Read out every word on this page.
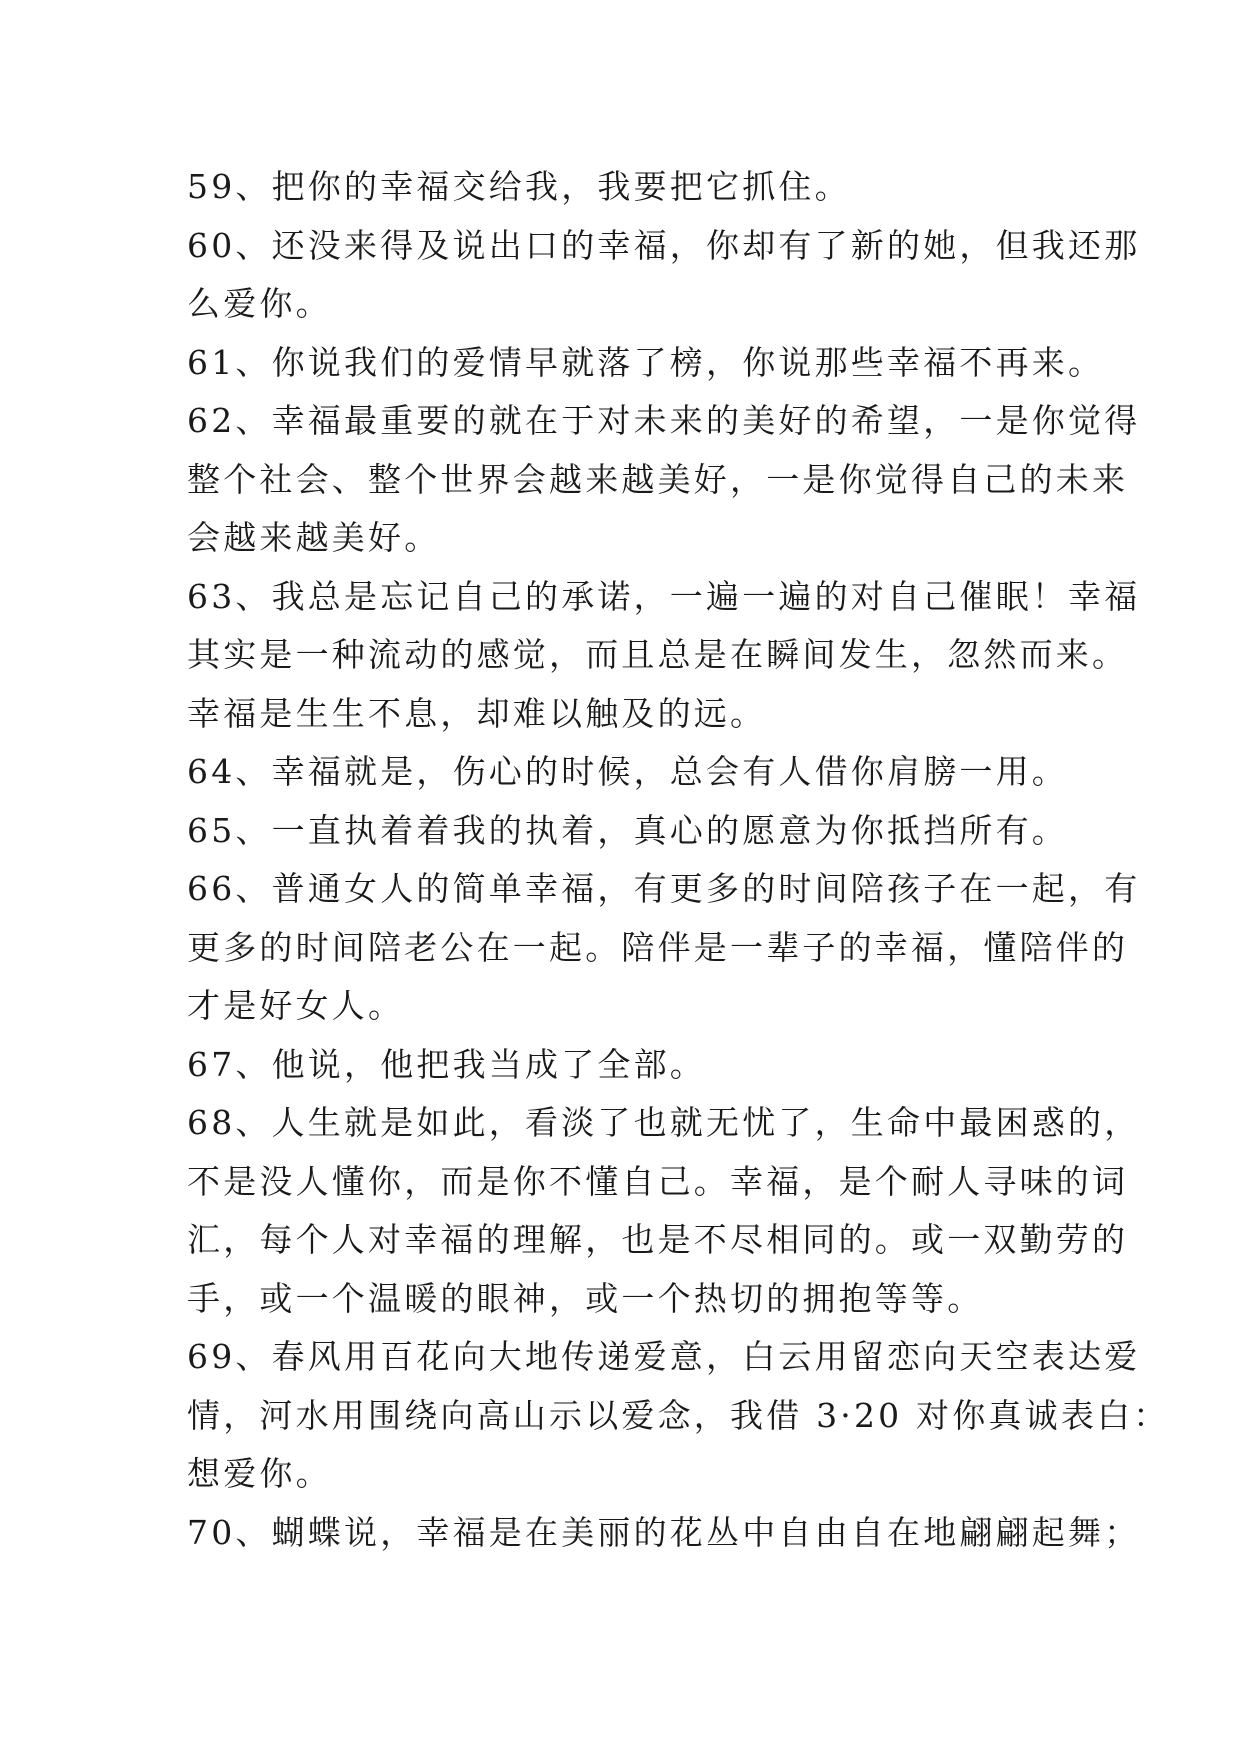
59、把你的幸福交给我，我要把它抓住。
60、还没来得及说出口的幸福，你却有了新的她，但我还那
么爱你。
61、你说我们的爱情早就落了榜，你说那些幸福不再来。
62、幸福最重要的就在于对未来的美好的希望，一是你觉得
整个社会、整个世界会越来越美好，一是你觉得自己的未来
会越来越美好。
63、我总是忘记自己的承诺，一遍一遍的对自己催眠！幸福
其实是一种流动的感觉，而且总是在瞬间发生，忽然而来。
幸福是生生不息，却难以触及的远。
64、幸福就是，伤心的时候，总会有人借你肩膀一用。
65、一直执着着我的执着，真心的愿意为你抵挡所有。
66、普通女人的简单幸福，有更多的时间陪孩子在一起，有
更多的时间陪老公在一起。陪伴是一辈子的幸福，懂陪伴的
才是好女人。
67、他说，他把我当成了全部。
68、人生就是如此，看淡了也就无忧了，生命中最困惑的，
不是没人懂你，而是你不懂自己。幸福，是个耐人寻味的词
汇，每个人对幸福的理解，也是不尽相同的。或一双勤劳的
手，或一个温暖的眼神，或一个热切的拥抱等等。
69、春风用百花向大地传递爱意，白云用留恋向天空表达爱
情，河水用围绕向高山示以爱念，我借 3·20 对你真诚表白：
想爱你。
70、蝴蝶说，幸福是在美丽的花丛中自由自在地翩翩起舞；
